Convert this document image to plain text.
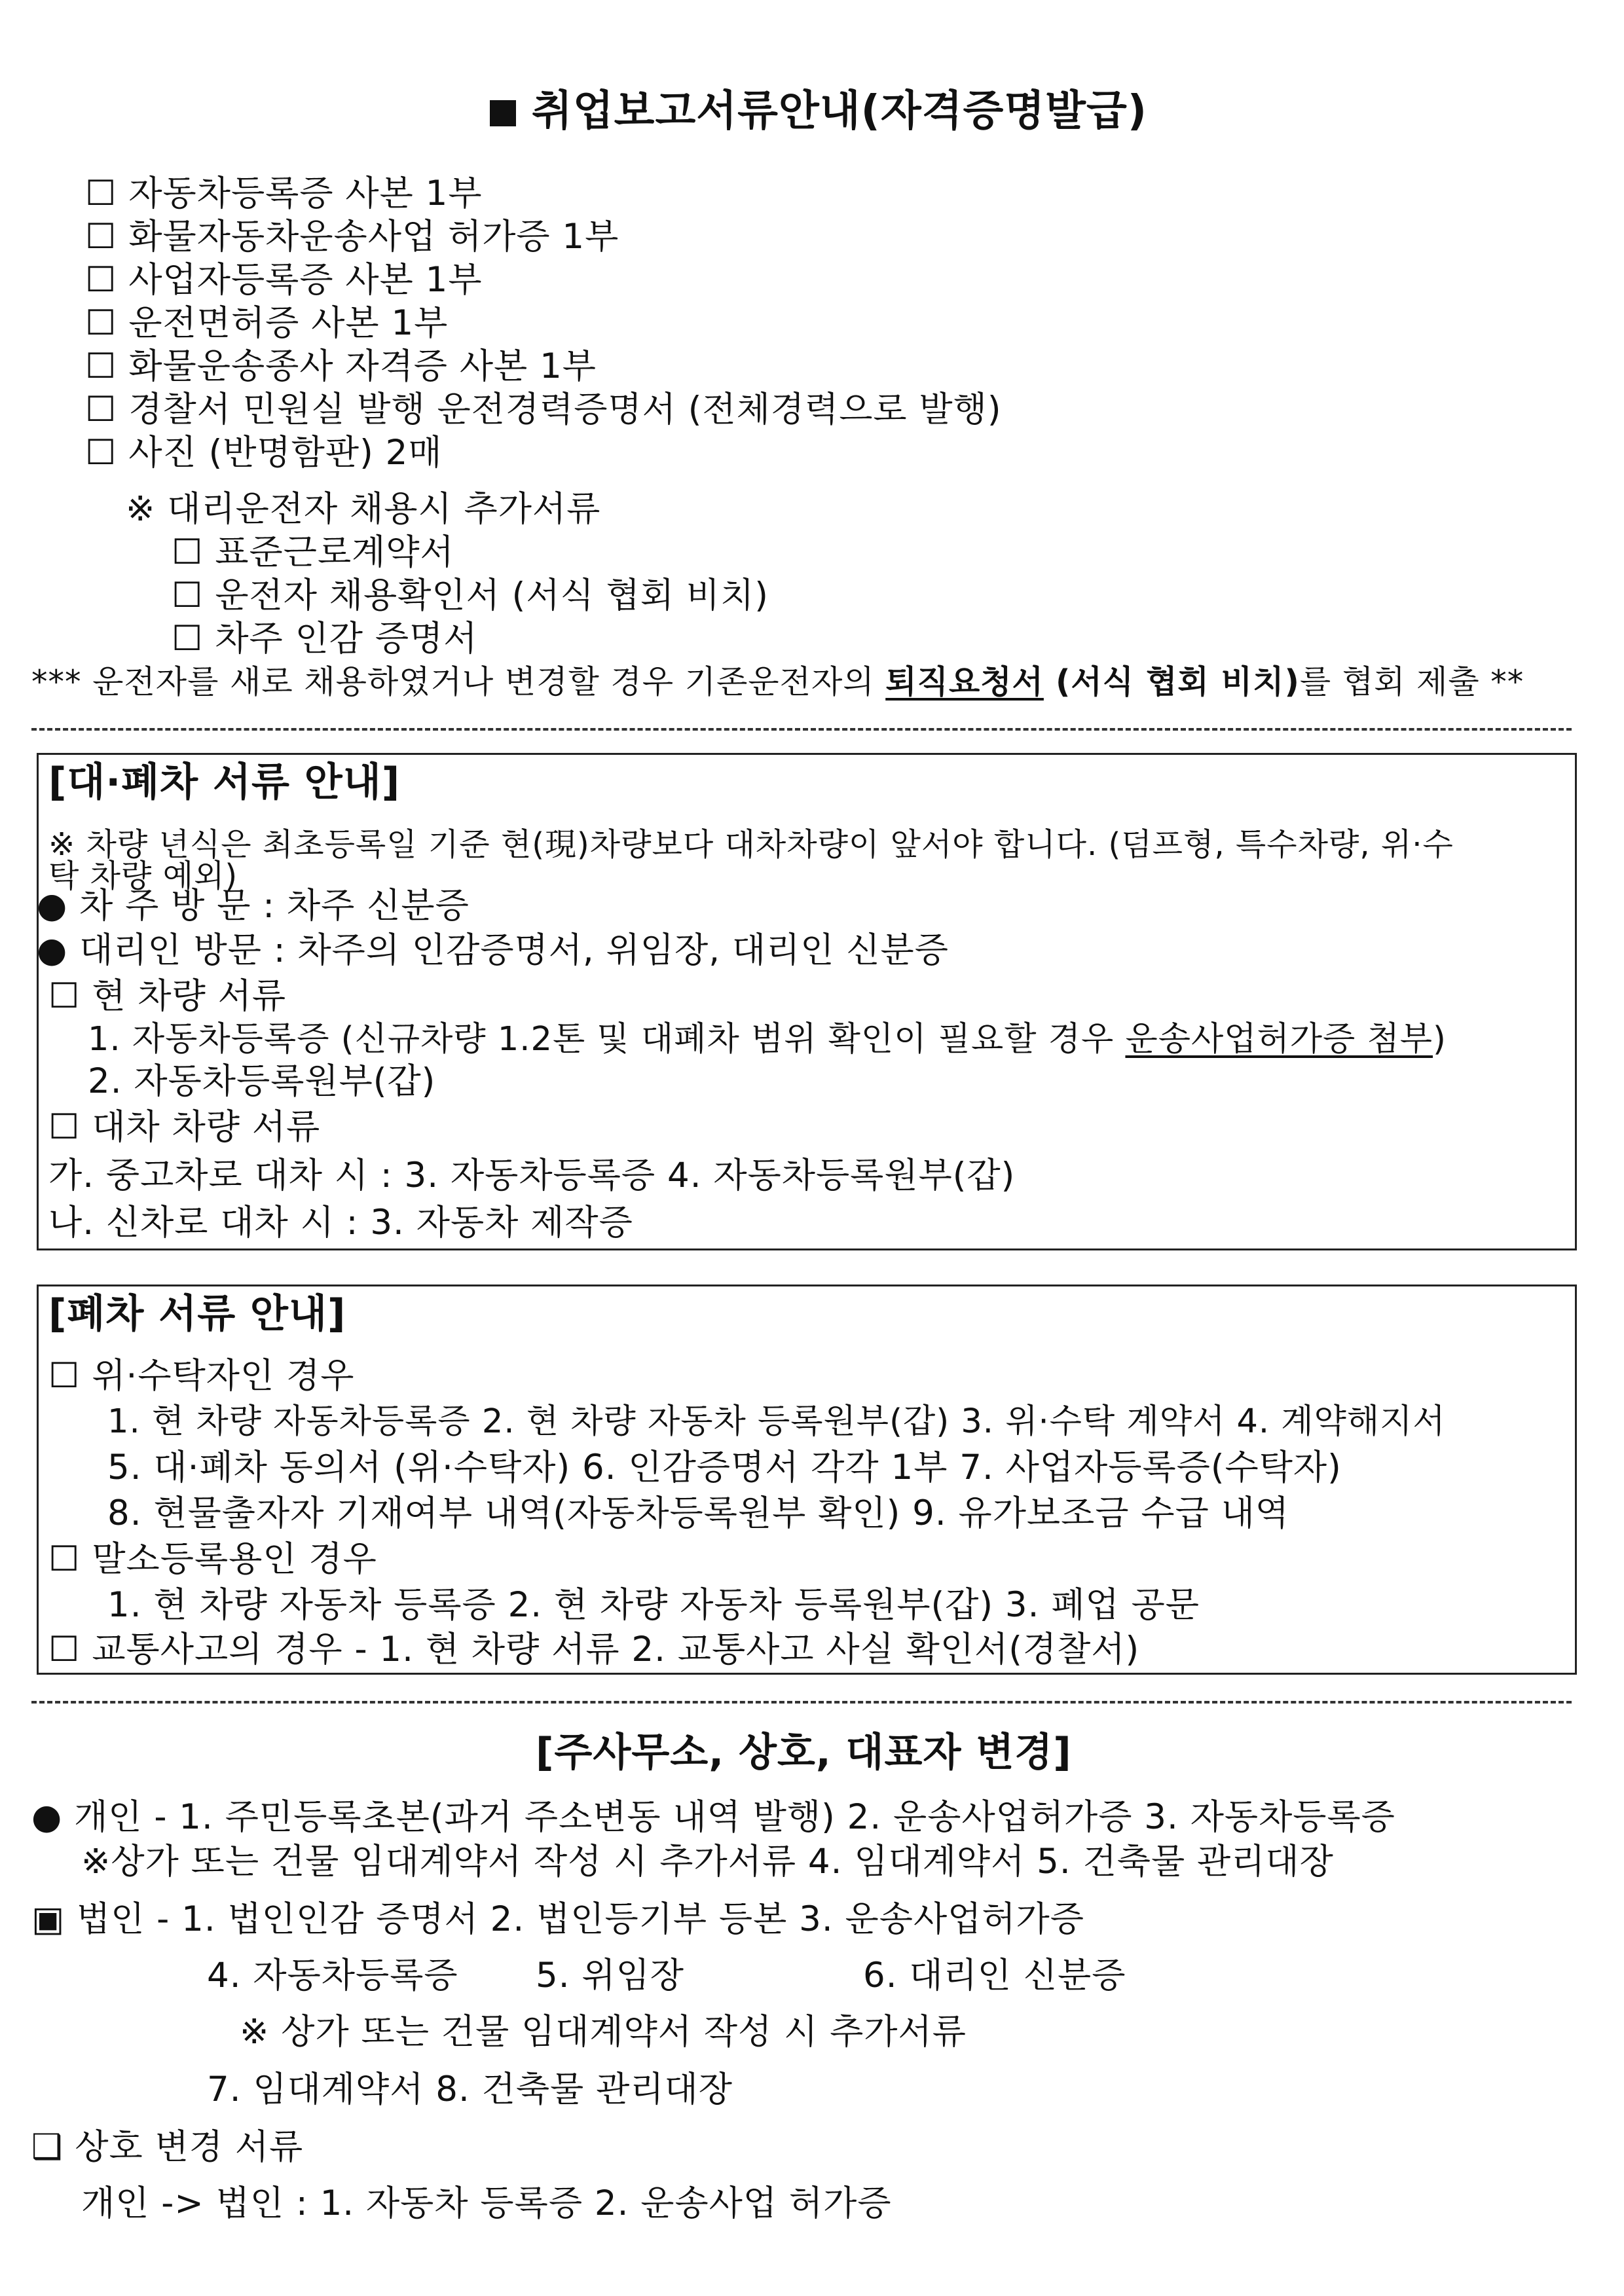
취업보고서류안내(자격증명발급)
☐ 자동차등록증 사본 1부
☐ 화물자동차운송사업 허가증 1부
☐ 사업자등록증 사본 1부
☐ 운전면허증 사본 1부
☐ 화물운송종사 자격증 사본 1부
☐ 경찰서 민원실 발행 운전경력증명서 (전체경력으로 발행)
☐ 사진 (반명함판) 2매
※ 대리운전자 채용시 추가서류
☐ 표준근로계약서
☐ 운전자 채용확인서 (서식 협회 비치)
☐ 차주 인감 증명서
*** 운전자를 새로 채용하였거나 변경할 경우 기존운전자의 퇴직요청서 (서식 협회 비치)를 협회 제출 **
[대·폐차 서류 안내]
※ 차량 년식은 최초등록일 기준 현(現)차량보다 대차차량이 앞서야 합니다. (덤프형, 특수차량, 위·수
탁 차량 예외)
● 차 주 방 문 : 차주 신분증
● 대리인 방문 : 차주의 인감증명서, 위임장, 대리인 신분증
☐ 현 차량 서류
1. 자동차등록증 (신규차량 1.2톤 및 대폐차 범위 확인이 필요할 경우 운송사업허가증 첨부)
2. 자동차등록원부(갑)
☐ 대차 차량 서류
가. 중고차로 대차 시 : 3. 자동차등록증 4. 자동차등록원부(갑)
나. 신차로 대차 시 : 3. 자동차 제작증
[폐차 서류 안내]
☐ 위·수탁자인 경우
1. 현 차량 자동차등록증 2. 현 차량 자동차 등록원부(갑) 3. 위·수탁 계약서 4. 계약해지서
5. 대·폐차 동의서 (위·수탁자) 6. 인감증명서 각각 1부 7. 사업자등록증(수탁자)
8. 현물출자자 기재여부 내역(자동차등록원부 확인) 9. 유가보조금 수급 내역
☐ 말소등록용인 경우
1. 현 차량 자동차 등록증 2. 현 차량 자동차 등록원부(갑) 3. 폐업 공문
☐ 교통사고의 경우 - 1. 현 차량 서류 2. 교통사고 사실 확인서(경찰서)
[주사무소, 상호, 대표자 변경]
● 개인 - 1. 주민등록초본(과거 주소변동 내역 발행) 2. 운송사업허가증 3. 자동차등록증
※상가 또는 건물 임대계약서 작성 시 추가서류 4. 임대계약서 5. 건축물 관리대장
▣ 법인 - 1. 법인인감 증명서 2. 법인등기부 등본 3. 운송사업허가증
4. 자동차등록증 5. 위임장	6. 대리인 신분증
※ 상가 또는 건물 임대계약서 작성 시 추가서류
7. 임대계약서 8. 건축물 관리대장
❑ 상호 변경 서류
개인 -> 법인 : 1. 자동차 등록증 2. 운송사업 허가증
